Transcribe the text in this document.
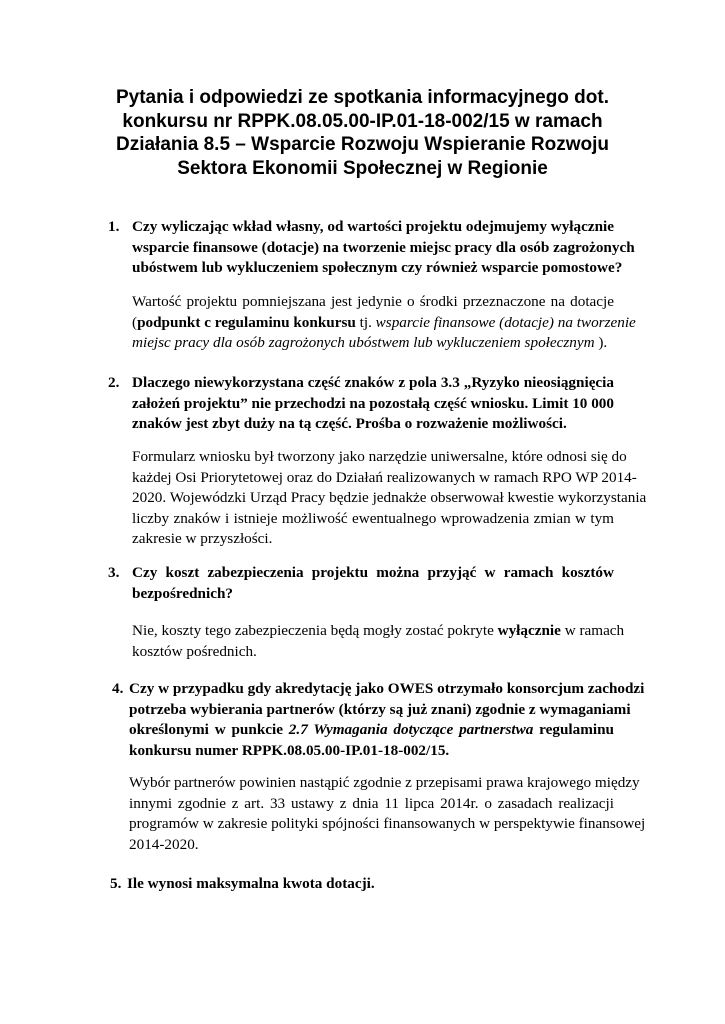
Pytania i odpowiedzi ze spotkania informacyjnego dot.
konkursu nr RPPK.08.05.00-IP.01-18-002/15 w ramach
Działania 8.5 – Wsparcie Rozwoju Wspieranie Rozwoju
Sektora Ekonomii Społecznej w Regionie
1. Czy wyliczając wkład własny, od wartości projektu odejmujemy wyłącznie
wsparcie finansowe (dotacje) na tworzenie miejsc pracy dla osób zagrożonych
ubóstwem lub wykluczeniem społecznym czy również wsparcie pomostowe?
Wartość projektu pomniejszana jest jedynie o środki przeznaczone na dotacje
(podpunkt c regulaminu konkursu tj. wsparcie finansowe (dotacje) na tworzenie
miejsc pracy dla osób zagrożonych ubóstwem lub wykluczeniem społecznym ).
2. Dlaczego niewykorzystana część znaków z pola 3.3 „Ryzyko nieosiągnięcia
założeń projektu” nie przechodzi na pozostałą część wniosku. Limit 10 000
znaków jest zbyt duży na tą część. Prośba o rozważenie możliwości.
Formularz wniosku był tworzony jako narzędzie uniwersalne, które odnosi się do
każdej Osi Priorytetowej oraz do Działań realizowanych w ramach RPO WP 2014-
2020. Wojewódzki Urząd Pracy będzie jednakże obserwował kwestie wykorzystania
liczby znaków i istnieje możliwość ewentualnego wprowadzenia zmian w tym
zakresie w przyszłości.
3. Czy koszt zabezpieczenia projektu można przyjąć w ramach kosztów
bezpośrednich?
Nie, koszty tego zabezpieczenia będą mogły zostać pokryte wyłącznie w ramach
kosztów pośrednich.
4. Czy w przypadku gdy akredytację jako OWES otrzymało konsorcjum zachodzi
potrzeba wybierania partnerów (którzy są już znani) zgodnie z wymaganiami
określonymi w punkcie 2.7 Wymagania dotyczące partnerstwa regulaminu
konkursu numer RPPK.08.05.00-IP.01-18-002/15.
Wybór partnerów powinien nastąpić zgodnie z przepisami prawa krajowego między
innymi zgodnie z art. 33 ustawy z dnia 11 lipca 2014r. o zasadach realizacji
programów w zakresie polityki spójności finansowanych w perspektywie finansowej
2014-2020.
5. Ile wynosi maksymalna kwota dotacji.
